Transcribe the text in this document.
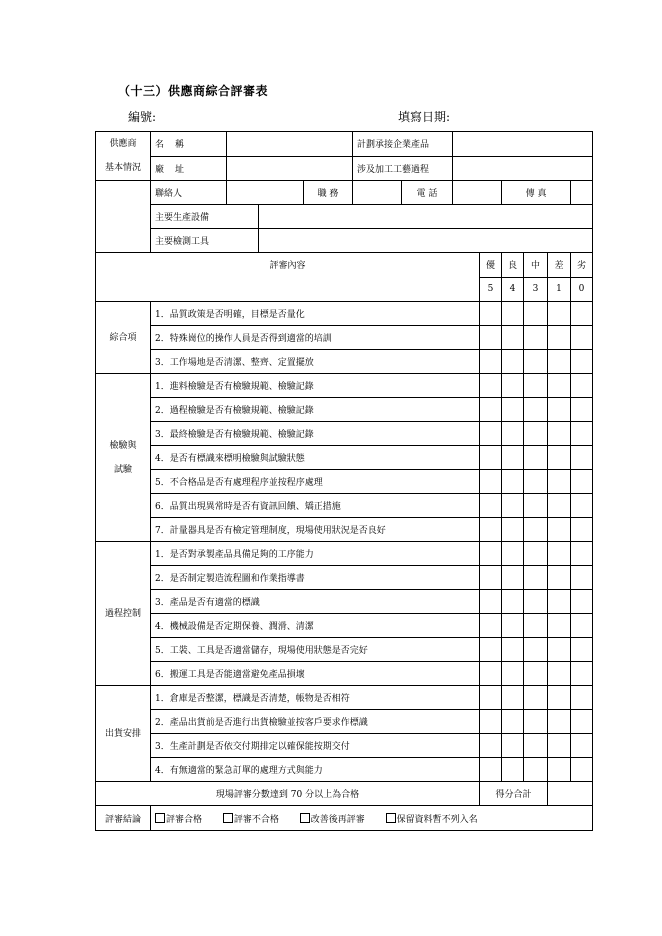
（十三）供應商綜合評審表
編號:	填寫日期:
供應商
基本情況	名　稱				計劃承接企業產品								
	廠　址				涉及加工工藝過程								
	聯絡人			職 務		電 話			傳 真				
	主要生產設備												
	主要檢測工具												
評審內容								優	良	中	差	劣	

								5	4	3	1	0	
綜合項	1．品質政策是否明確，目標是否量化												
	2．特殊崗位的操作人員是否得到適當的培訓												
	3．工作場地是否清潔、整齊、定置擺放												

檢驗與
試驗	1．進料檢驗是否有檢驗規範、檢驗記錄												
	2．過程檢驗是否有檢驗規範、檢驗記錄												
	3．最終檢驗是否有檢驗規範、檢驗記錄												
	4．是否有標識來標明檢驗與試驗狀態												
	5．不合格品是否有處理程序並按程序處理												
	6．品質出現異常時是否有資訊回饋、矯正措施												
	7．計量器具是否有檢定管理制度，現場使用狀況是否良好												
過程控制	1．是否對承製產品具備足夠的工序能力												
	2．是否制定製造流程圖和作業指導書												
	3．產品是否有適當的標識												
	4．機械設備是否定期保養、潤滑、清潔												
	5．工裝、工具是否適當儲存，現場使用狀態是否完好												
	6．搬運工具是否能適當避免產品損壞												
出貨安排	1．倉庫是否整潔，標識是否清楚，帳物是否相符												
	2．產品出貨前是否進行出貨檢驗並按客戶要求作標識												
	3．生產計劃是否依交付期排定以確保能按期交付												
	4．有無適當的緊急訂單的處理方式與能力												
現場評審分數達到 70 分以上為合格								得分合計					
評審結論	評審合格 評審不合格 改善後再評審 保留資料暫不列入名												
